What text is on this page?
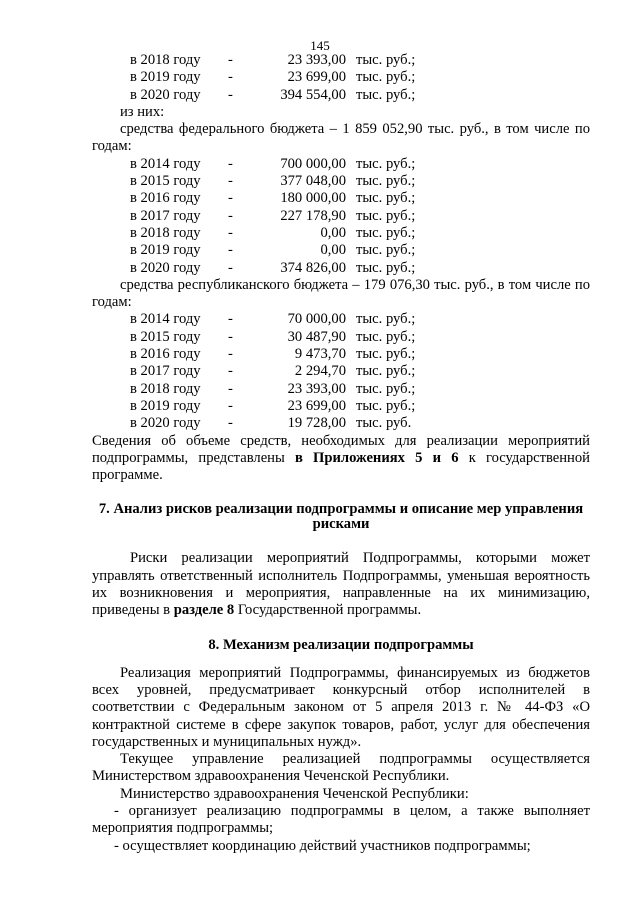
145
в 2018 году -	23 393,00 тыс. руб.;
в 2019 году -	23 699,00 тыс. руб.;
в 2020 году -	394 554,00 тыс. руб.;
из них:

средства федерального бюджета – 1 859 052,90 тыс. руб., в том числе по годам:

в 2014 году -	700 000,00 тыс. руб.;
в 2015 году -	377 048,00 тыс. руб.;
в 2016 году -	180 000,00 тыс. руб.;
в 2017 году -	227 178,90 тыс. руб.;
в 2018 году -	0,00 тыс. руб.;
в 2019 году -	0,00 тыс. руб.;
в 2020 году -	374 826,00 тыс. руб.;

средства республиканского бюджета – 179 076,30 тыс. руб., в том числе по годам:

в 2014 году -	70 000,00 тыс. руб.;
в 2015 году -	30 487,90 тыс. руб.;
в 2016 году -	9 473,70 тыс. руб.;
в 2017 году -	2 294,70 тыс. руб.;
в 2018 году -	23 393,00 тыс. руб.;
в 2019 году -	23 699,00 тыс. руб.;
в 2020 году -	19 728,00 тыс. руб.

Сведения об объеме средств, необходимых для реализации мероприятий подпрограммы, представлены в Приложениях 5 и 6 к государственной программе.

7. Анализ рисков реализации подпрограммы и описание мер управления рисками

Риски реализации мероприятий Подпрограммы, которыми может управлять ответственный исполнитель Подпрограммы, уменьшая вероятность их возникновения и мероприятия, направленные на их минимизацию, приведены в разделе 8 Государственной программы.

8. Механизм реализации подпрограммы

Реализация мероприятий Подпрограммы, финансируемых из бюджетов всех уровней, предусматривает конкурсный отбор исполнителей в соответствии с Федеральным законом от 5 апреля 2013 г. № 44-ФЗ «О контрактной системе в сфере закупок товаров, работ, услуг для обеспечения государственных и муниципальных нужд».

Текущее управление реализацией подпрограммы осуществляется Министерством здравоохранения Чеченской Республики.

Министерство здравоохранения Чеченской Республики:

- организует реализацию подпрограммы в целом, а также выполняет мероприятия подпрограммы;

- осуществляет координацию действий участников подпрограммы;
